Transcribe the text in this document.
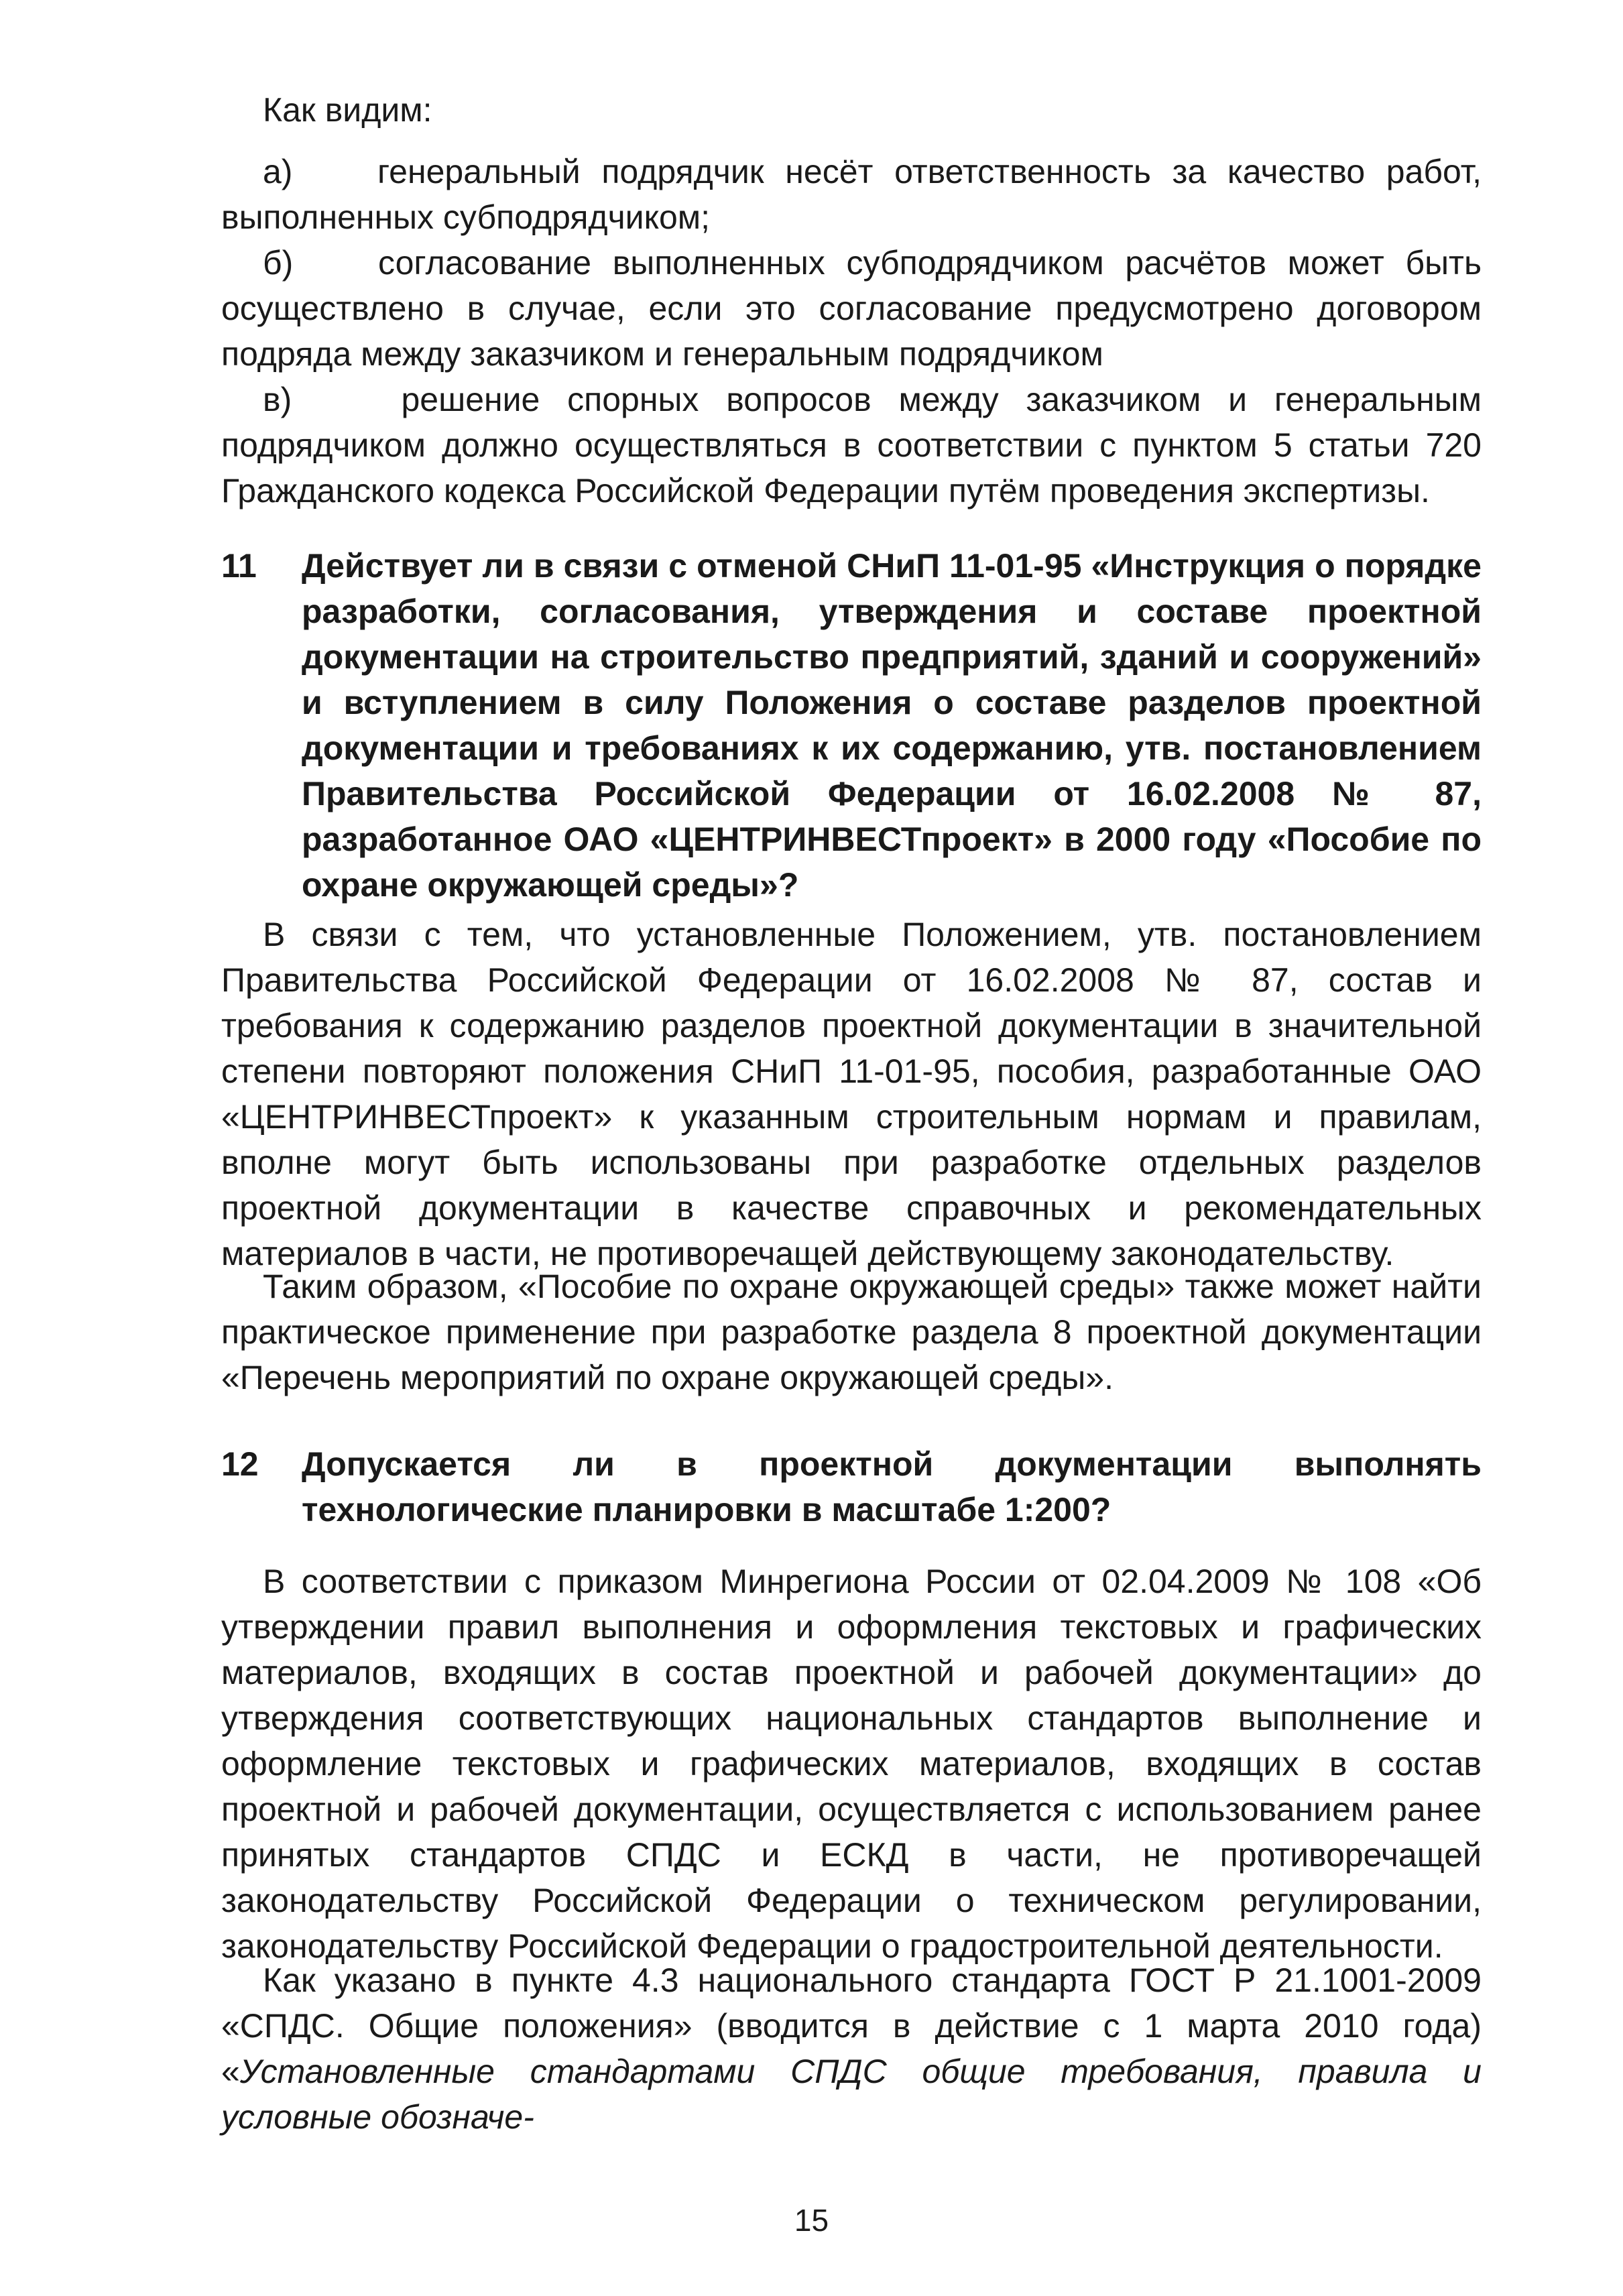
Как видим:

а)	генеральный подрядчик несёт ответственность за качество работ, выполненных субподрядчиком;

б)	согласование выполненных субподрядчиком расчётов может быть осуществлено в случае, если это согласование предусмотрено договором подряда между заказчиком и генеральным подрядчиком

в)	решение спорных вопросов между заказчиком и генеральным подрядчиком должно осуществляться в соответствии с пунктом 5 статьи 720 Гражданского кодекса Российской Федерации путём проведения экспертизы.

11	Действует ли в связи с отменой СНиП 11-01-95 «Инструкция о порядке разработки, согласования, утверждения и составе проектной документации на строительство предприятий, зданий и сооружений» и вступлением в силу Положения о составе разделов проектной документации и требованиях к их содержанию, утв. постановлением Правительства Российской Федерации от 16.02.2008 № 87, разработанное ОАО «ЦЕНТРИНВЕСТпроект» в 2000 году «Пособие по охране окружающей среды»?

В связи с тем, что установленные Положением, утв. постановлением Правительства Российской Федерации от 16.02.2008 № 87, состав и требования к содержанию разделов проектной документации в значительной степени повторяют положения СНиП 11-01-95, пособия, разработанные ОАО «ЦЕНТРИНВЕСТпроект» к указанным строительным нормам и правилам, вполне могут быть использованы при разработке отдельных разделов проектной документации в качестве справочных и рекомендательных материалов в части, не противоречащей действующему законодательству.

Таким образом, «Пособие по охране окружающей среды» также может найти практическое применение при разработке раздела 8 проектной документации «Перечень мероприятий по охране окружающей среды».

12	Допускается ли в проектной документации выполнять технологические планировки в масштабе 1:200?

В соответствии с приказом Минрегиона России от 02.04.2009 № 108 «Об утверждении правил выполнения и оформления текстовых и графических материалов, входящих в состав проектной и рабочей документации» до утверждения соответствующих национальных стандартов выполнение и оформление текстовых и графических материалов, входящих в состав проектной и рабочей документации, осуществляется с использованием ранее принятых стандартов СПДС и ЕСКД в части, не противоречащей законодательству Российской Федерации о техническом регулировании, законодательству Российской Федерации о градостроительной деятельности.

Как указано в пункте 4.3 национального стандарта ГОСТ Р 21.1001-2009 «СПДС. Общие положения» (вводится в действие с 1 марта 2010 года) «Установленные стандартами СПДС общие требования, правила и условные обозначе-

15
